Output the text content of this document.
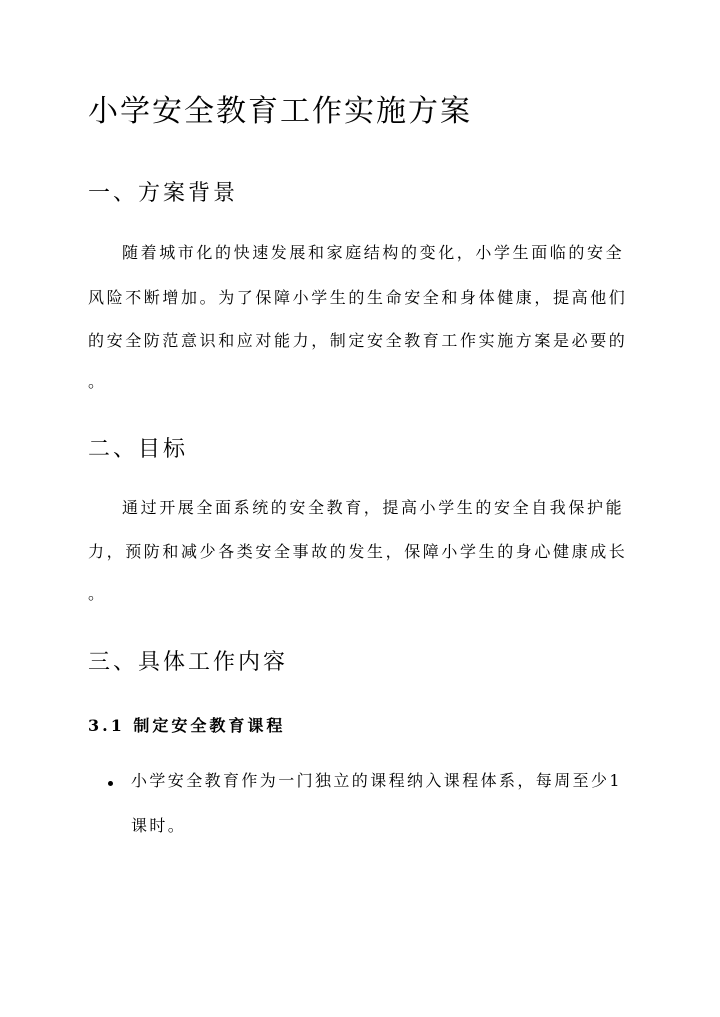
小学安全教育工作实施方案
一、方案背景
随着城市化的快速发展和家庭结构的变化，小学生面临的安全
风险不断增加。为了保障小学生的生命安全和身体健康，提高他们
的安全防范意识和应对能力，制定安全教育工作实施方案是必要的
。
二、目标
通过开展全面系统的安全教育，提高小学生的安全自我保护能
力，预防和减少各类安全事故的发生，保障小学生的身心健康成长
。
三、具体工作内容
3.1 制定安全教育课程
小学安全教育作为一门独立的课程纳入课程体系，每周至少1
课时。
